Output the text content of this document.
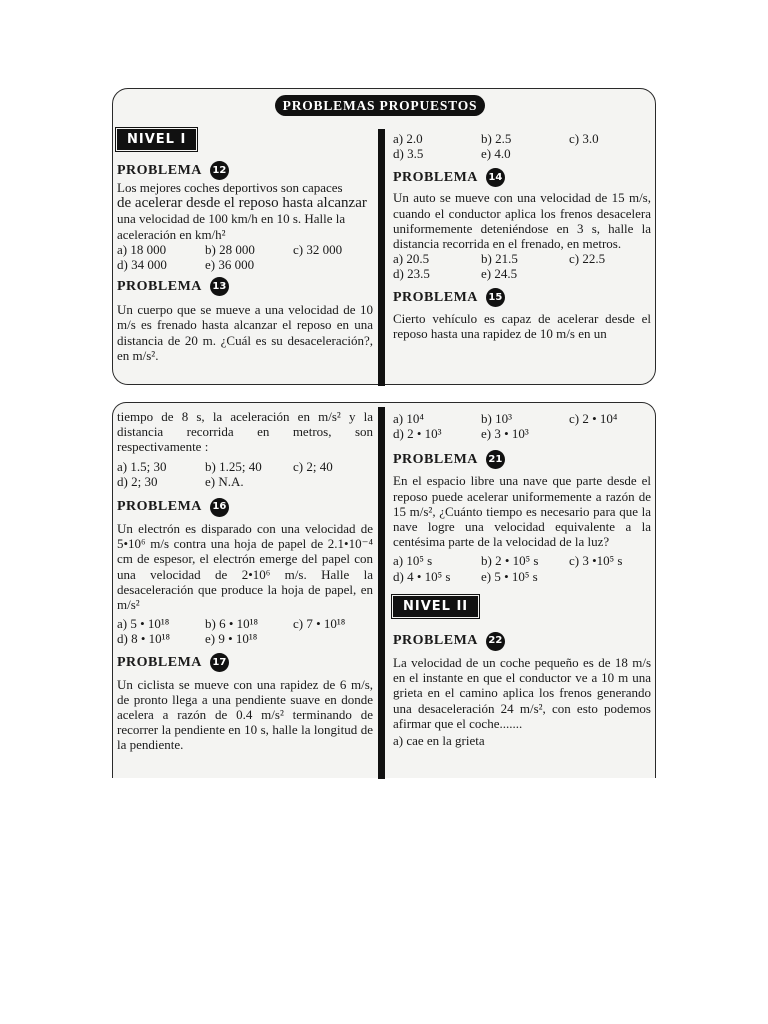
PROBLEMAS PROPUESTOS
NIVEL I
PROBLEMA 12
Los mejores coches deportivos son capaces
de acelerar desde el reposo hasta alcanzar
una velocidad de 100 km/h en 10 s. Halle la
aceleración en km/h²
a) 18 000	b) 28 000	c) 32 000
d) 34 000	e) 36 000
PROBLEMA 13

Un cuerpo que se mueve a una velocidad de 10 m/s es frenado hasta alcanzar el reposo en una distancia de 20 m. ¿Cuál es su desaceleración?, en m/s².

a) 2.0	b) 2.5	c) 3.0
d) 3.5	e) 4.0
PROBLEMA 14

Un auto se mueve con una velocidad de 15 m/s, cuando el conductor aplica los frenos desacelera uniformemente deteniéndose en 3 s, halle la distancia recorrida en el frenado, en metros.

a) 20.5	b) 21.5	c) 22.5
d) 23.5	e) 24.5
PROBLEMA 15

Cierto vehículo es capaz de acelerar desde el reposo hasta una rapidez de 10 m/s en un

tiempo de 8 s, la aceleración en m/s² y la distancia recorrida en metros, son respectivamente :

a) 1.5; 30	b) 1.25; 40	c) 2; 40
d) 2; 30	e) N.A.
PROBLEMA 16

Un electrón es disparado con una velocidad de 5•10⁶ m/s contra una hoja de papel de 2.1•10⁻⁴ cm de espesor, el electrón emerge del papel con una velocidad de 2•10⁶ m/s. Halle la desaceleración que produce la hoja de papel, en m/s²

a) 5 • 10¹⁸	b) 6 • 10¹⁸	c) 7 • 10¹⁸
d) 8 • 10¹⁸	e) 9 • 10¹⁸
PROBLEMA 17

Un ciclista se mueve con una rapidez de 6 m/s, de pronto llega a una pendiente suave en donde acelera a razón de 0.4 m/s² terminando de recorrer la pendiente en 10 s, halle la longitud de la pendiente.

a) 10⁴	b) 10³	c) 2 • 10⁴
d) 2 • 10³	e) 3 • 10³
PROBLEMA 21

En el espacio libre una nave que parte desde el reposo puede acelerar uniformemente a razón de 15 m/s², ¿Cuánto tiempo es necesario para que la nave logre una velocidad equivalente a la centésima parte de la velocidad de la luz?

a) 10⁵ s	b) 2 • 10⁵ s	c) 3 •10⁵ s
d) 4 • 10⁵ s	e) 5 • 10⁵ s
NIVEL II
PROBLEMA 22

La velocidad de un coche pequeño es de 18 m/s en el instante en que el conductor ve a 10 m una grieta en el camino aplica los frenos generando una desaceleración 24 m/s², con esto podemos afirmar que el coche.......

a) cae en la grieta
